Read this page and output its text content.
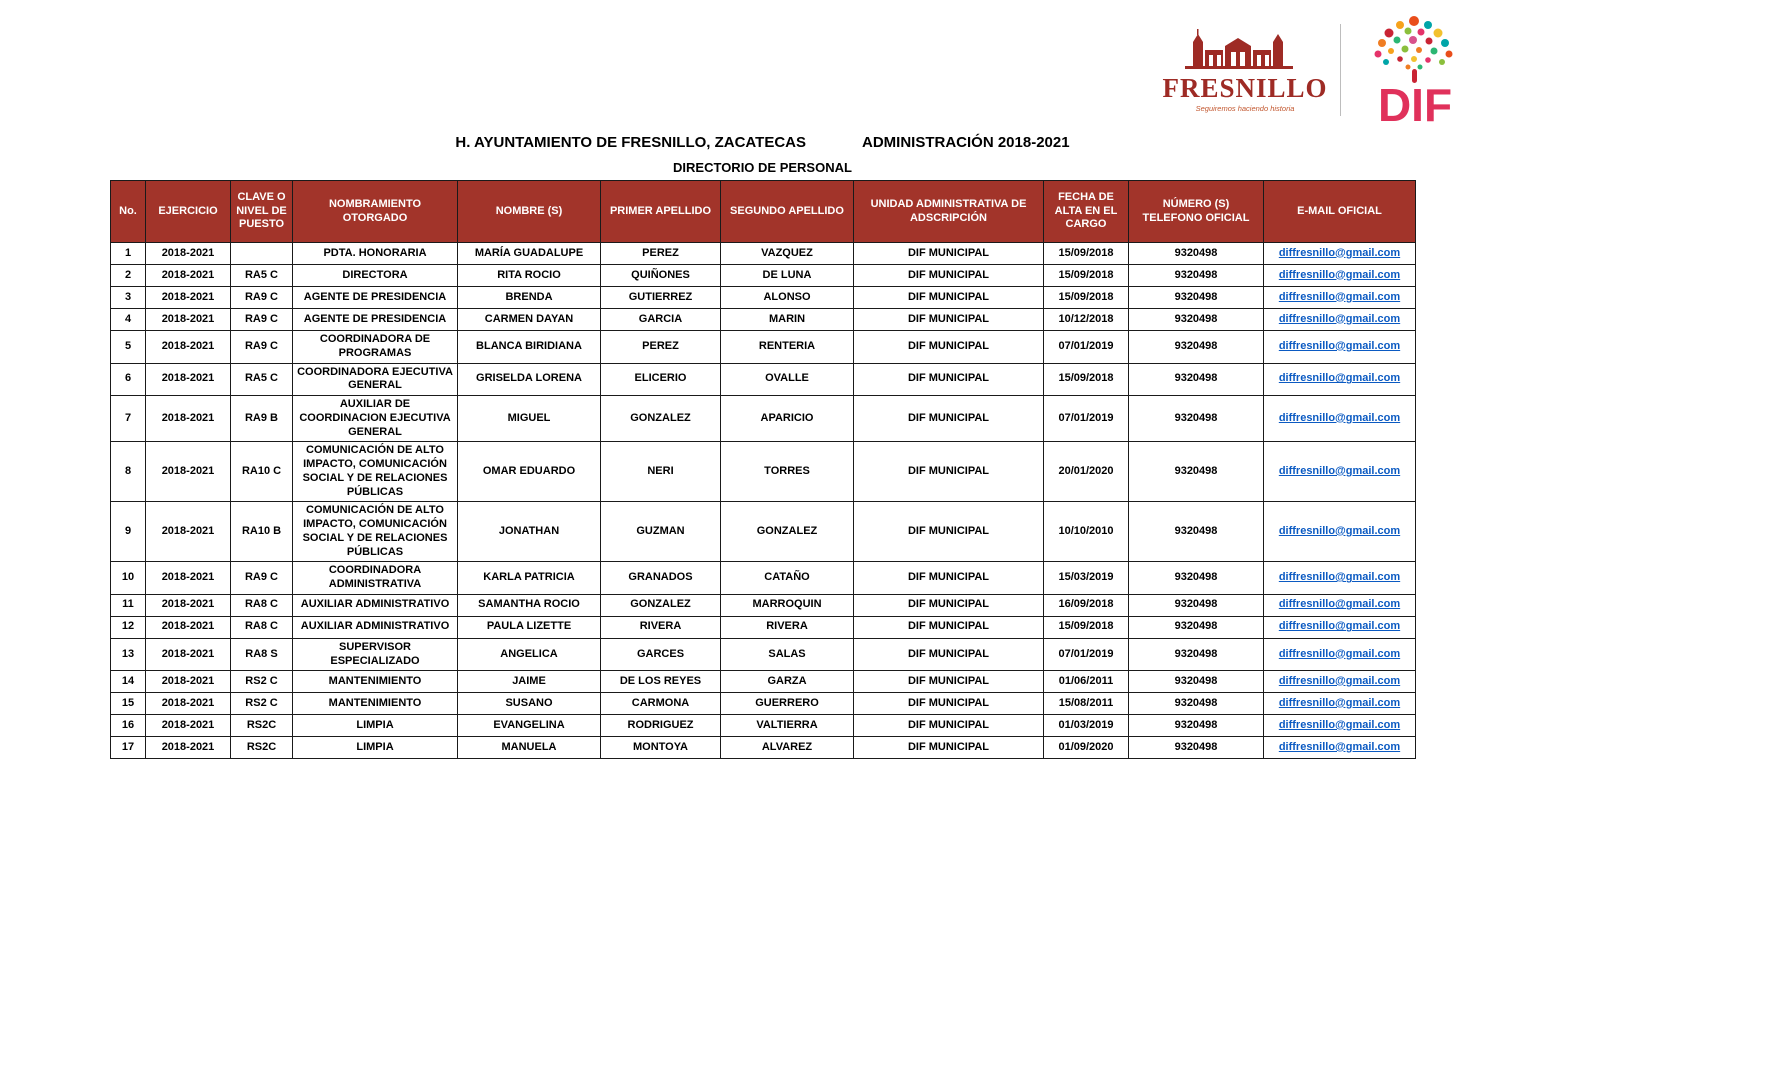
FRESNILLO
Seguiremos haciendo historia	DIF
H. AYUNTAMIENTO DE FRESNILLO, ZACATECAS	ADMINISTRACIÓN 2018-2021
DIRECTORIO DE PERSONAL
No.	EJERCICIO	CLAVE O NIVEL DE PUESTO	NOMBRAMIENTO OTORGADO	NOMBRE (S)	PRIMER APELLIDO	SEGUNDO APELLIDO	UNIDAD ADMINISTRATIVA DE ADSCRIPCIÓN	FECHA DE ALTA EN EL CARGO	NÚMERO (S) TELEFONO OFICIAL	E-MAIL OFICIAL
1	2018-2021		PDTA. HONORARIA	MARÍA GUADALUPE	PEREZ	VAZQUEZ	DIF MUNICIPAL	15/09/2018	9320498	diffresnillo@gmail.com
2	2018-2021	RA5 C	DIRECTORA	RITA ROCIO	QUIÑONES	DE LUNA	DIF MUNICIPAL	15/09/2018	9320498	diffresnillo@gmail.com
3	2018-2021	RA9 C	AGENTE DE PRESIDENCIA	BRENDA	GUTIERREZ	ALONSO	DIF MUNICIPAL	15/09/2018	9320498	diffresnillo@gmail.com
4	2018-2021	RA9 C	AGENTE DE PRESIDENCIA	CARMEN DAYAN	GARCIA	MARIN	DIF MUNICIPAL	10/12/2018	9320498	diffresnillo@gmail.com
5	2018-2021	RA9 C	COORDINADORA DE PROGRAMAS	BLANCA BIRIDIANA	PEREZ	RENTERIA	DIF MUNICIPAL	07/01/2019	9320498	diffresnillo@gmail.com
6	2018-2021	RA5 C	COORDINADORA EJECUTIVA GENERAL	GRISELDA LORENA	ELICERIO	OVALLE	DIF MUNICIPAL	15/09/2018	9320498	diffresnillo@gmail.com
7	2018-2021	RA9 B	AUXILIAR DE COORDINACION EJECUTIVA GENERAL	MIGUEL	GONZALEZ	APARICIO	DIF MUNICIPAL	07/01/2019	9320498	diffresnillo@gmail.com
8	2018-2021	RA10 C	COMUNICACIÓN DE ALTO IMPACTO, COMUNICACIÓN SOCIAL Y DE RELACIONES PÚBLICAS	OMAR EDUARDO	NERI	TORRES	DIF MUNICIPAL	20/01/2020	9320498	diffresnillo@gmail.com
9	2018-2021	RA10 B	COMUNICACIÓN DE ALTO IMPACTO, COMUNICACIÓN SOCIAL Y DE RELACIONES PÚBLICAS	JONATHAN	GUZMAN	GONZALEZ	DIF MUNICIPAL	10/10/2010	9320498	diffresnillo@gmail.com
10	2018-2021	RA9 C	COORDINADORA ADMINISTRATIVA	KARLA PATRICIA	GRANADOS	CATAÑO	DIF MUNICIPAL	15/03/2019	9320498	diffresnillo@gmail.com
11	2018-2021	RA8 C	AUXILIAR ADMINISTRATIVO	SAMANTHA ROCIO	GONZALEZ	MARROQUIN	DIF MUNICIPAL	16/09/2018	9320498	diffresnillo@gmail.com
12	2018-2021	RA8 C	AUXILIAR ADMINISTRATIVO	PAULA LIZETTE	RIVERA	RIVERA	DIF MUNICIPAL	15/09/2018	9320498	diffresnillo@gmail.com
13	2018-2021	RA8 S	SUPERVISOR ESPECIALIZADO	ANGELICA	GARCES	SALAS	DIF MUNICIPAL	07/01/2019	9320498	diffresnillo@gmail.com
14	2018-2021	RS2 C	MANTENIMIENTO	JAIME	DE LOS REYES	GARZA	DIF MUNICIPAL	01/06/2011	9320498	diffresnillo@gmail.com
15	2018-2021	RS2 C	MANTENIMIENTO	SUSANO	CARMONA	GUERRERO	DIF MUNICIPAL	15/08/2011	9320498	diffresnillo@gmail.com
16	2018-2021	RS2C	LIMPIA	EVANGELINA	RODRIGUEZ	VALTIERRA	DIF MUNICIPAL	01/03/2019	9320498	diffresnillo@gmail.com
17	2018-2021	RS2C	LIMPIA	MANUELA	MONTOYA	ALVAREZ	DIF MUNICIPAL	01/09/2020	9320498	diffresnillo@gmail.com
